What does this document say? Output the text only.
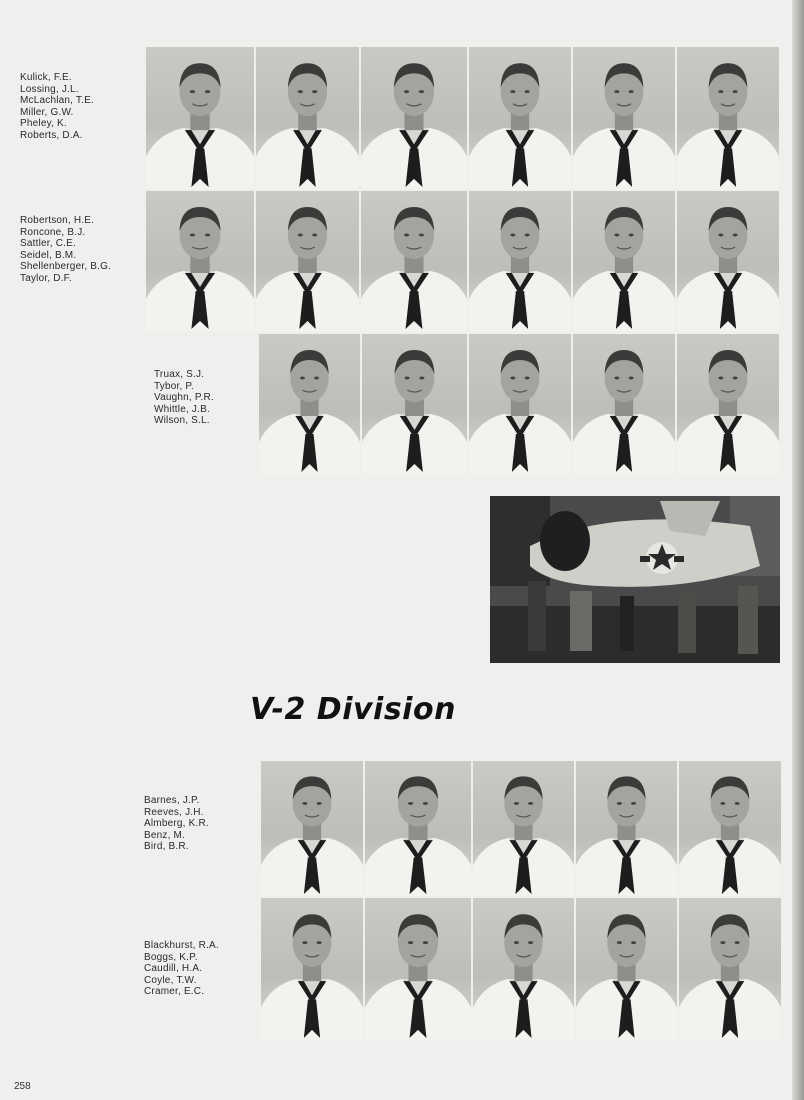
Kulick, F.E.
Lossing, J.L.
McLachlan, T.E.
Miller, G.W.
Pheley, K.
Roberts, D.A.
Robertson, H.E.
Roncone, B.J.
Sattler, C.E.
Seidel, B.M.
Shellenberger, B.G.
Taylor, D.F.
Truax, S.J.
Tybor, P.
Vaughn, P.R.
Whittle, J.B.
Wilson, S.L.
V-2 Division
Barnes, J.P.
Reeves, J.H.
Almberg, K.R.
Benz, M.
Bird, B.R.
Blackhurst, R.A.
Boggs, K.P.
Caudill, H.A.
Coyle, T.W.
Cramer, E.C.
258
